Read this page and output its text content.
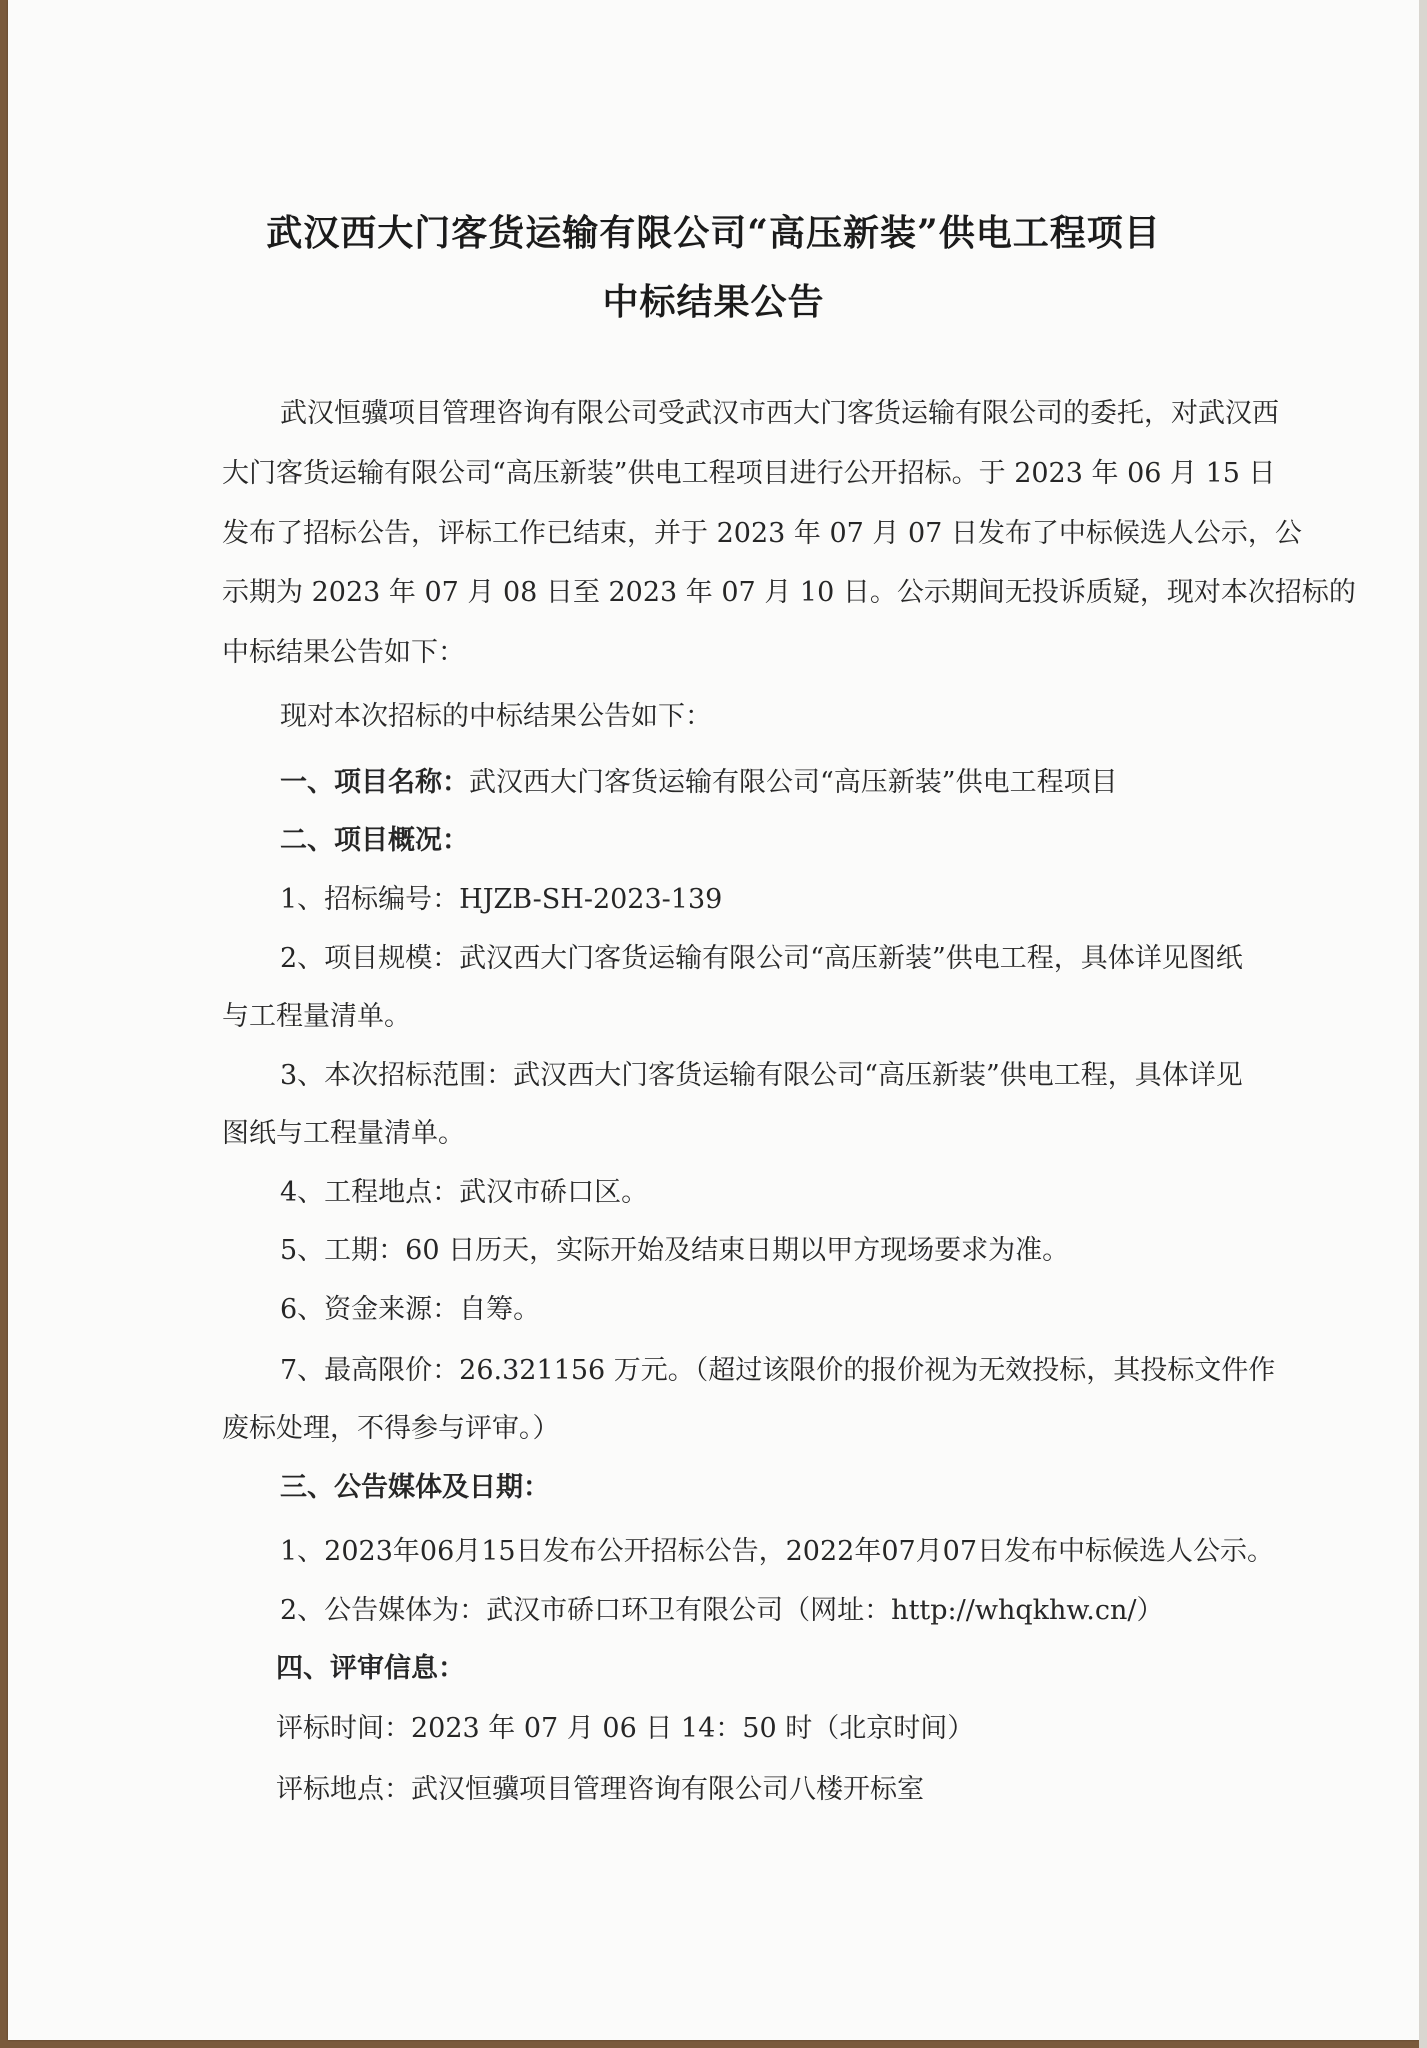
武汉西大门客货运输有限公司“高压新装”供电工程项目
中标结果公告
武汉恒骥项目管理咨询有限公司受武汉市西大门客货运输有限公司的委托，对武汉西
大门客货运输有限公司“高压新装”供电工程项目进行公开招标。于 2023 年 06 月 15 日
发布了招标公告，评标工作已结束，并于 2023 年 07 月 07 日发布了中标候选人公示，公
示期为 2023 年 07 月 08 日至 2023 年 07 月 10 日。公示期间无投诉质疑，现对本次招标的
中标结果公告如下：
现对本次招标的中标结果公告如下：
一、项目名称：武汉西大门客货运输有限公司“高压新装”供电工程项目
二、项目概况：
1、招标编号：HJZB-SH-2023-139
2、项目规模：武汉西大门客货运输有限公司“高压新装”供电工程，具体详见图纸
与工程量清单。
3、本次招标范围：武汉西大门客货运输有限公司“高压新装”供电工程，具体详见
图纸与工程量清单。
4、工程地点：武汉市硚口区。
5、工期：60 日历天，实际开始及结束日期以甲方现场要求为准。
6、资金来源：自筹。
7、最高限价：26.321156 万元。（超过该限价的报价视为无效投标，其投标文件作
废标处理，不得参与评审。）
三、公告媒体及日期：
1、2023年06月15日发布公开招标公告，2022年07月07日发布中标候选人公示。
2、公告媒体为：武汉市硚口环卫有限公司（网址：http://whqkhw.cn/）
四、评审信息：
评标时间：2023 年 07 月 06 日 14：50 时（北京时间）
评标地点：武汉恒骥项目管理咨询有限公司八楼开标室
